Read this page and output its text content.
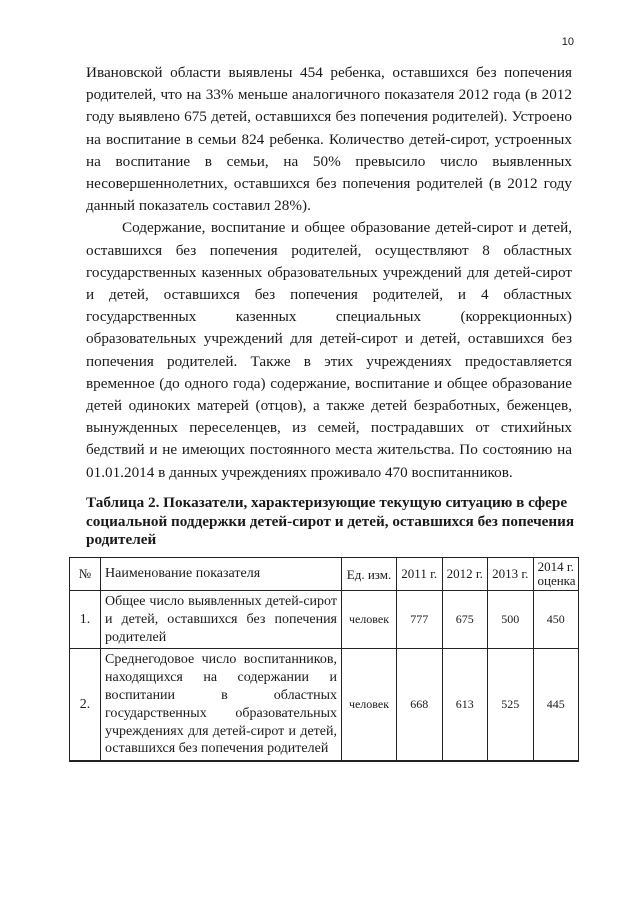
10

Ивановской области выявлены 454 ребенка, оставшихся без попечения родителей, что на 33% меньше аналогичного показателя 2012 года (в 2012 году выявлено 675 детей, оставшихся без попечения родителей). Устроено на воспитание в семьи 824 ребенка. Количество детей-сирот, устроенных на воспитание в семьи, на 50% превысило число выявленных несовершеннолетних, оставшихся без попечения родителей (в 2012 году данный показатель составил 28%).

Содержание, воспитание и общее образование детей-сирот и детей, оставшихся без попечения родителей, осуществляют 8 областных государственных казенных образовательных учреждений для детей-сирот и детей, оставшихся без попечения родителей, и 4 областных государственных казенных специальных (коррекционных) образовательных учреждений для детей-сирот и детей, оставшихся без попечения родителей. Также в этих учреждениях предоставляется временное (до одного года) содержание, воспитание и общее образование детей одиноких матерей (отцов), а также детей безработных, беженцев, вынужденных переселенцев, из семей, пострадавших от стихийных бедствий и не имеющих постоянного места жительства. По состоянию на 01.01.2014 в данных учреждениях проживало 470 воспитанников.

Таблица 2. Показатели, характеризующие текущую ситуацию в сфере социальной поддержки детей-сирот и детей, оставшихся без попечения родителей
№	Наименование показателя	Ед. изм.	2011 г.	2012 г.	2013 г.	2014 г. оценка
1.	Общее число выявленных детей-сирот и детей, оставшихся без попечения родителей	человек	777	675	500	450
2.	Среднегодовое число воспитанников, находящихся на содержании и воспитании в областных государственных образовательных учреждениях для детей-сирот и детей, оставшихся без попечения родителей	человек	668	613	525	445
